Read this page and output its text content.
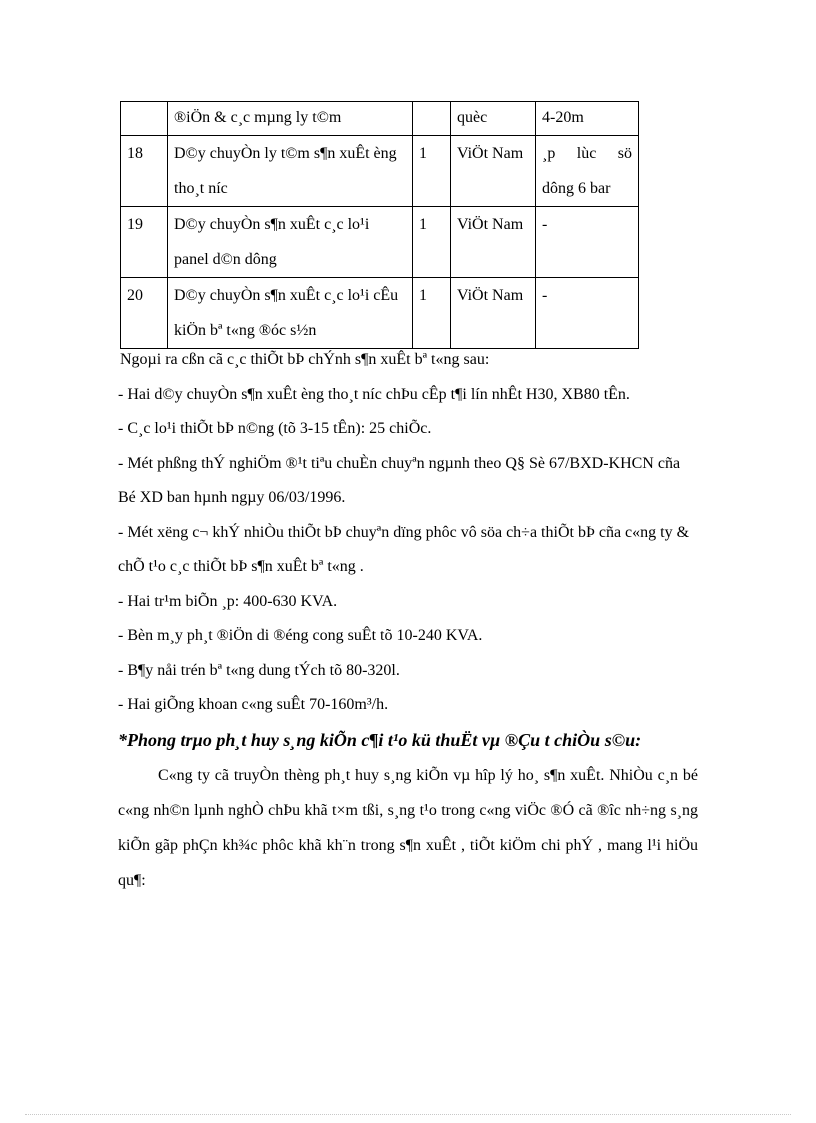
	®iÖn & c¸c mµng ly t©m		quèc	4-20m
18	D©y chuyÒn ly t©m s¶n xuÊt èng tho¸t níc	1	ViÖt Nam	¸p lùc sö dông 6 bar
19	D©y chuyÒn s¶n xuÊt c¸c lo¹i panel d©n dông	1	ViÖt Nam	-
20	D©y chuyÒn s¶n xuÊt c¸c lo¹i cÊu kiÖn bª t«ng ®óc s½n	1	ViÖt Nam	-

Ngoµi ra cßn cã c¸c thiÕt bÞ chÝnh s¶n xuÊt bª t«ng sau:

- Hai d©y chuyÒn s¶n xuÊt èng tho¸t níc chÞu cÊp t¶i lín nhÊt H30, XB80 tÊn.

- C¸c lo¹i thiÕt bÞ n©ng (tõ 3-15 tÊn): 25 chiÕc.

- Mét phßng thÝ nghiÖm ®¹t tiªu chuÈn chuyªn ngµnh theo Q§ Sè 67/BXD-KHCN cña Bé XD ban hµnh ngµy 06/03/1996.

- Mét xëng c¬ khÝ nhiÒu thiÕt bÞ chuyªn dïng phôc vô söa ch÷a thiÕt bÞ cña c«ng ty & chÕ t¹o c¸c thiÕt bÞ s¶n xuÊt bª t«ng .

- Hai tr¹m biÕn ¸p: 400-630 KVA.

- Bèn m¸y ph¸t ®iÖn di ®éng cong suÊt tõ 10-240 KVA.

- B¶y nåi trén bª t«ng dung tÝch tõ 80-320l.

- Hai giÕng khoan c«ng suÊt 70-160m³/h.

*Phong trµo ph¸t huy s¸ng kiÕn c¶i t¹o kü thuËt vµ ®Çu t chiÒu s©u:

C«ng ty cã truyÒn thèng ph¸t huy s¸ng kiÕn vµ hîp lý ho¸ s¶n xuÊt. NhiÒu c¸n bé c«ng nh©n lµnh nghÒ chÞu khã t×m tßi, s¸ng t¹o trong c«ng viÖc ®Ó cã ®îc nh÷ng s¸ng kiÕn gãp phÇn kh¾c phôc khã kh¨n trong s¶n xuÊt , tiÕt kiÖm chi phÝ , mang l¹i hiÖu qu¶:
